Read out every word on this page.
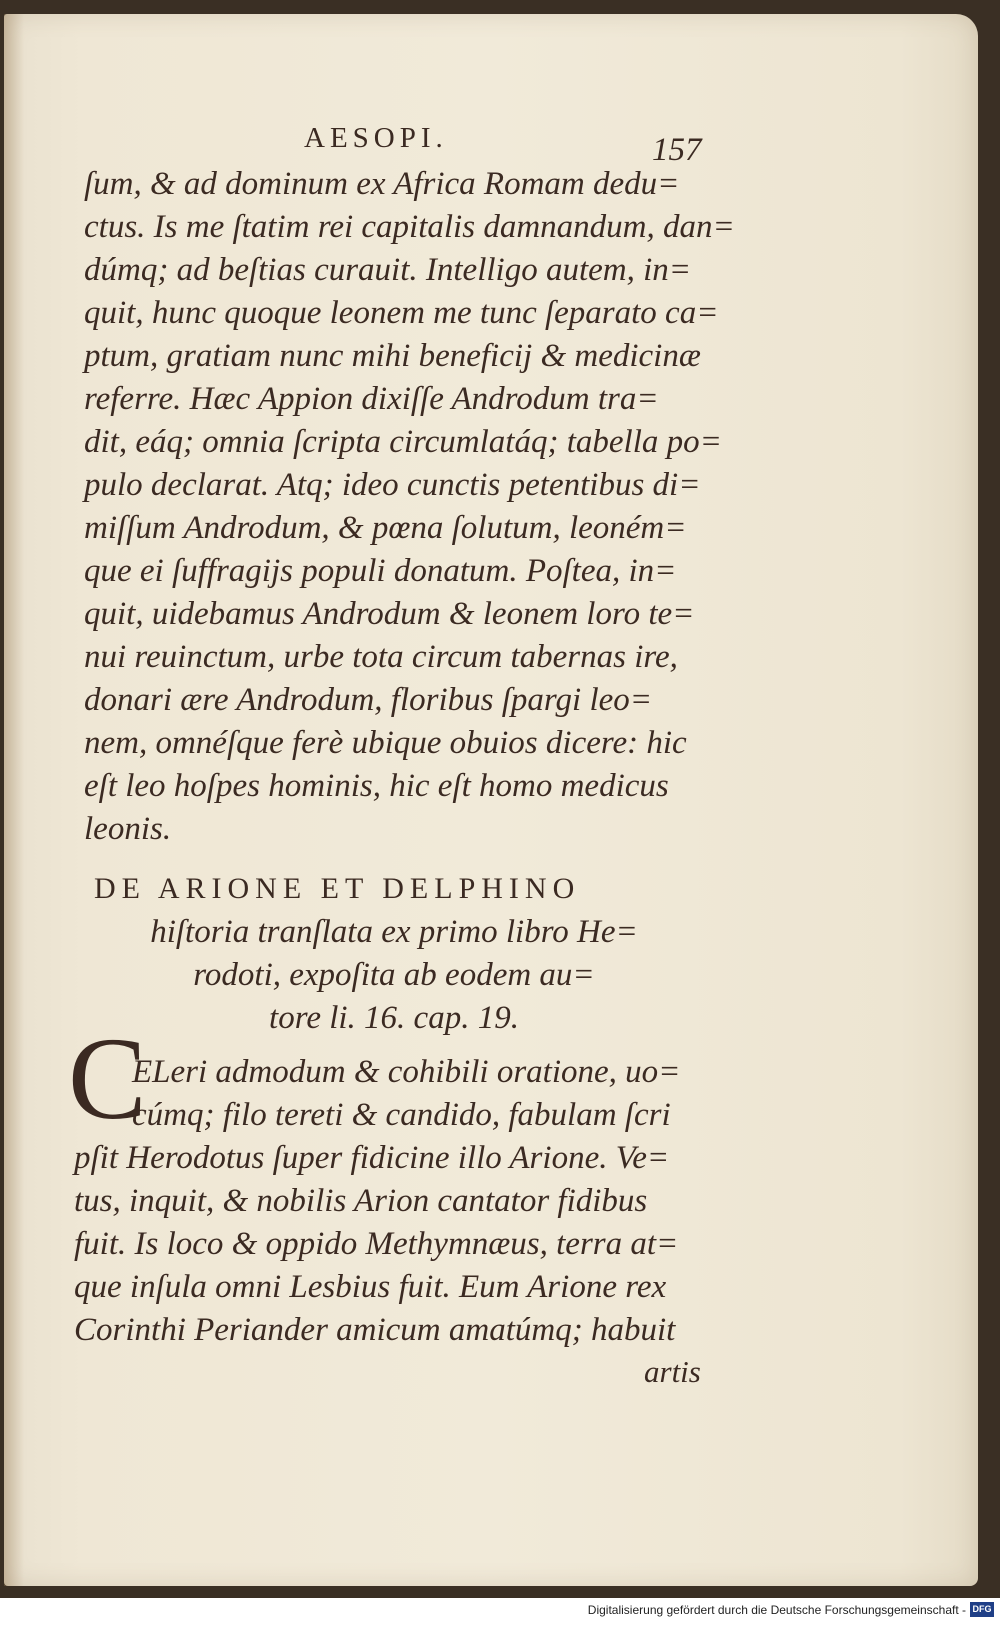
AESOPI.	157
ſum, & ad dominum ex Africa Romam dedu=
ctus. Is me ſtatim rei capitalis damnandum, dan=
dúmq; ad beſtias curauit. Intelligo autem, in=
quit, hunc quoque leonem me tunc ſeparato ca=
ptum, gratiam nunc mihi beneficij & medicinæ
referre. Hæc Appion dixiſſe Androdum tra=
dit, eáq; omnia ſcripta circumlatáq; tabella po=
pulo declarat. Atq; ideo cunctis petentibus di=
miſſum Androdum, & pœna ſolutum, leoném=
que ei ſuffragijs populi donatum. Poſtea, in=
quit, uidebamus Androdum & leonem loro te=
nui reuinctum, urbe tota circum tabernas ire,
donari ære Androdum, floribus ſpargi leo=
nem, omnéſque ferè ubique obuios dicere: hic
eſt leo hoſpes hominis, hic eſt homo medicus
leonis.
DE ARIONE ET DELPHINO
hiſtoria tranſlata ex primo libro He=
rodoti, expoſita ab eodem au=
tore li. 16. cap. 19.
C
ELeri admodum & cohibili oratione, uo=
cúmq; filo tereti & candido, fabulam ſcri
pſit Herodotus ſuper fidicine illo Arione. Ve=
tus, inquit, & nobilis Arion cantator fidibus
fuit. Is loco & oppido Methymnæus, terra at=
que inſula omni Lesbius fuit. Eum Arione rex
Corinthi Periander amicum amatúmq; habuit
artis
Digitalisierung gefördert durch die Deutsche Forschungsgemeinschaft - DFG
